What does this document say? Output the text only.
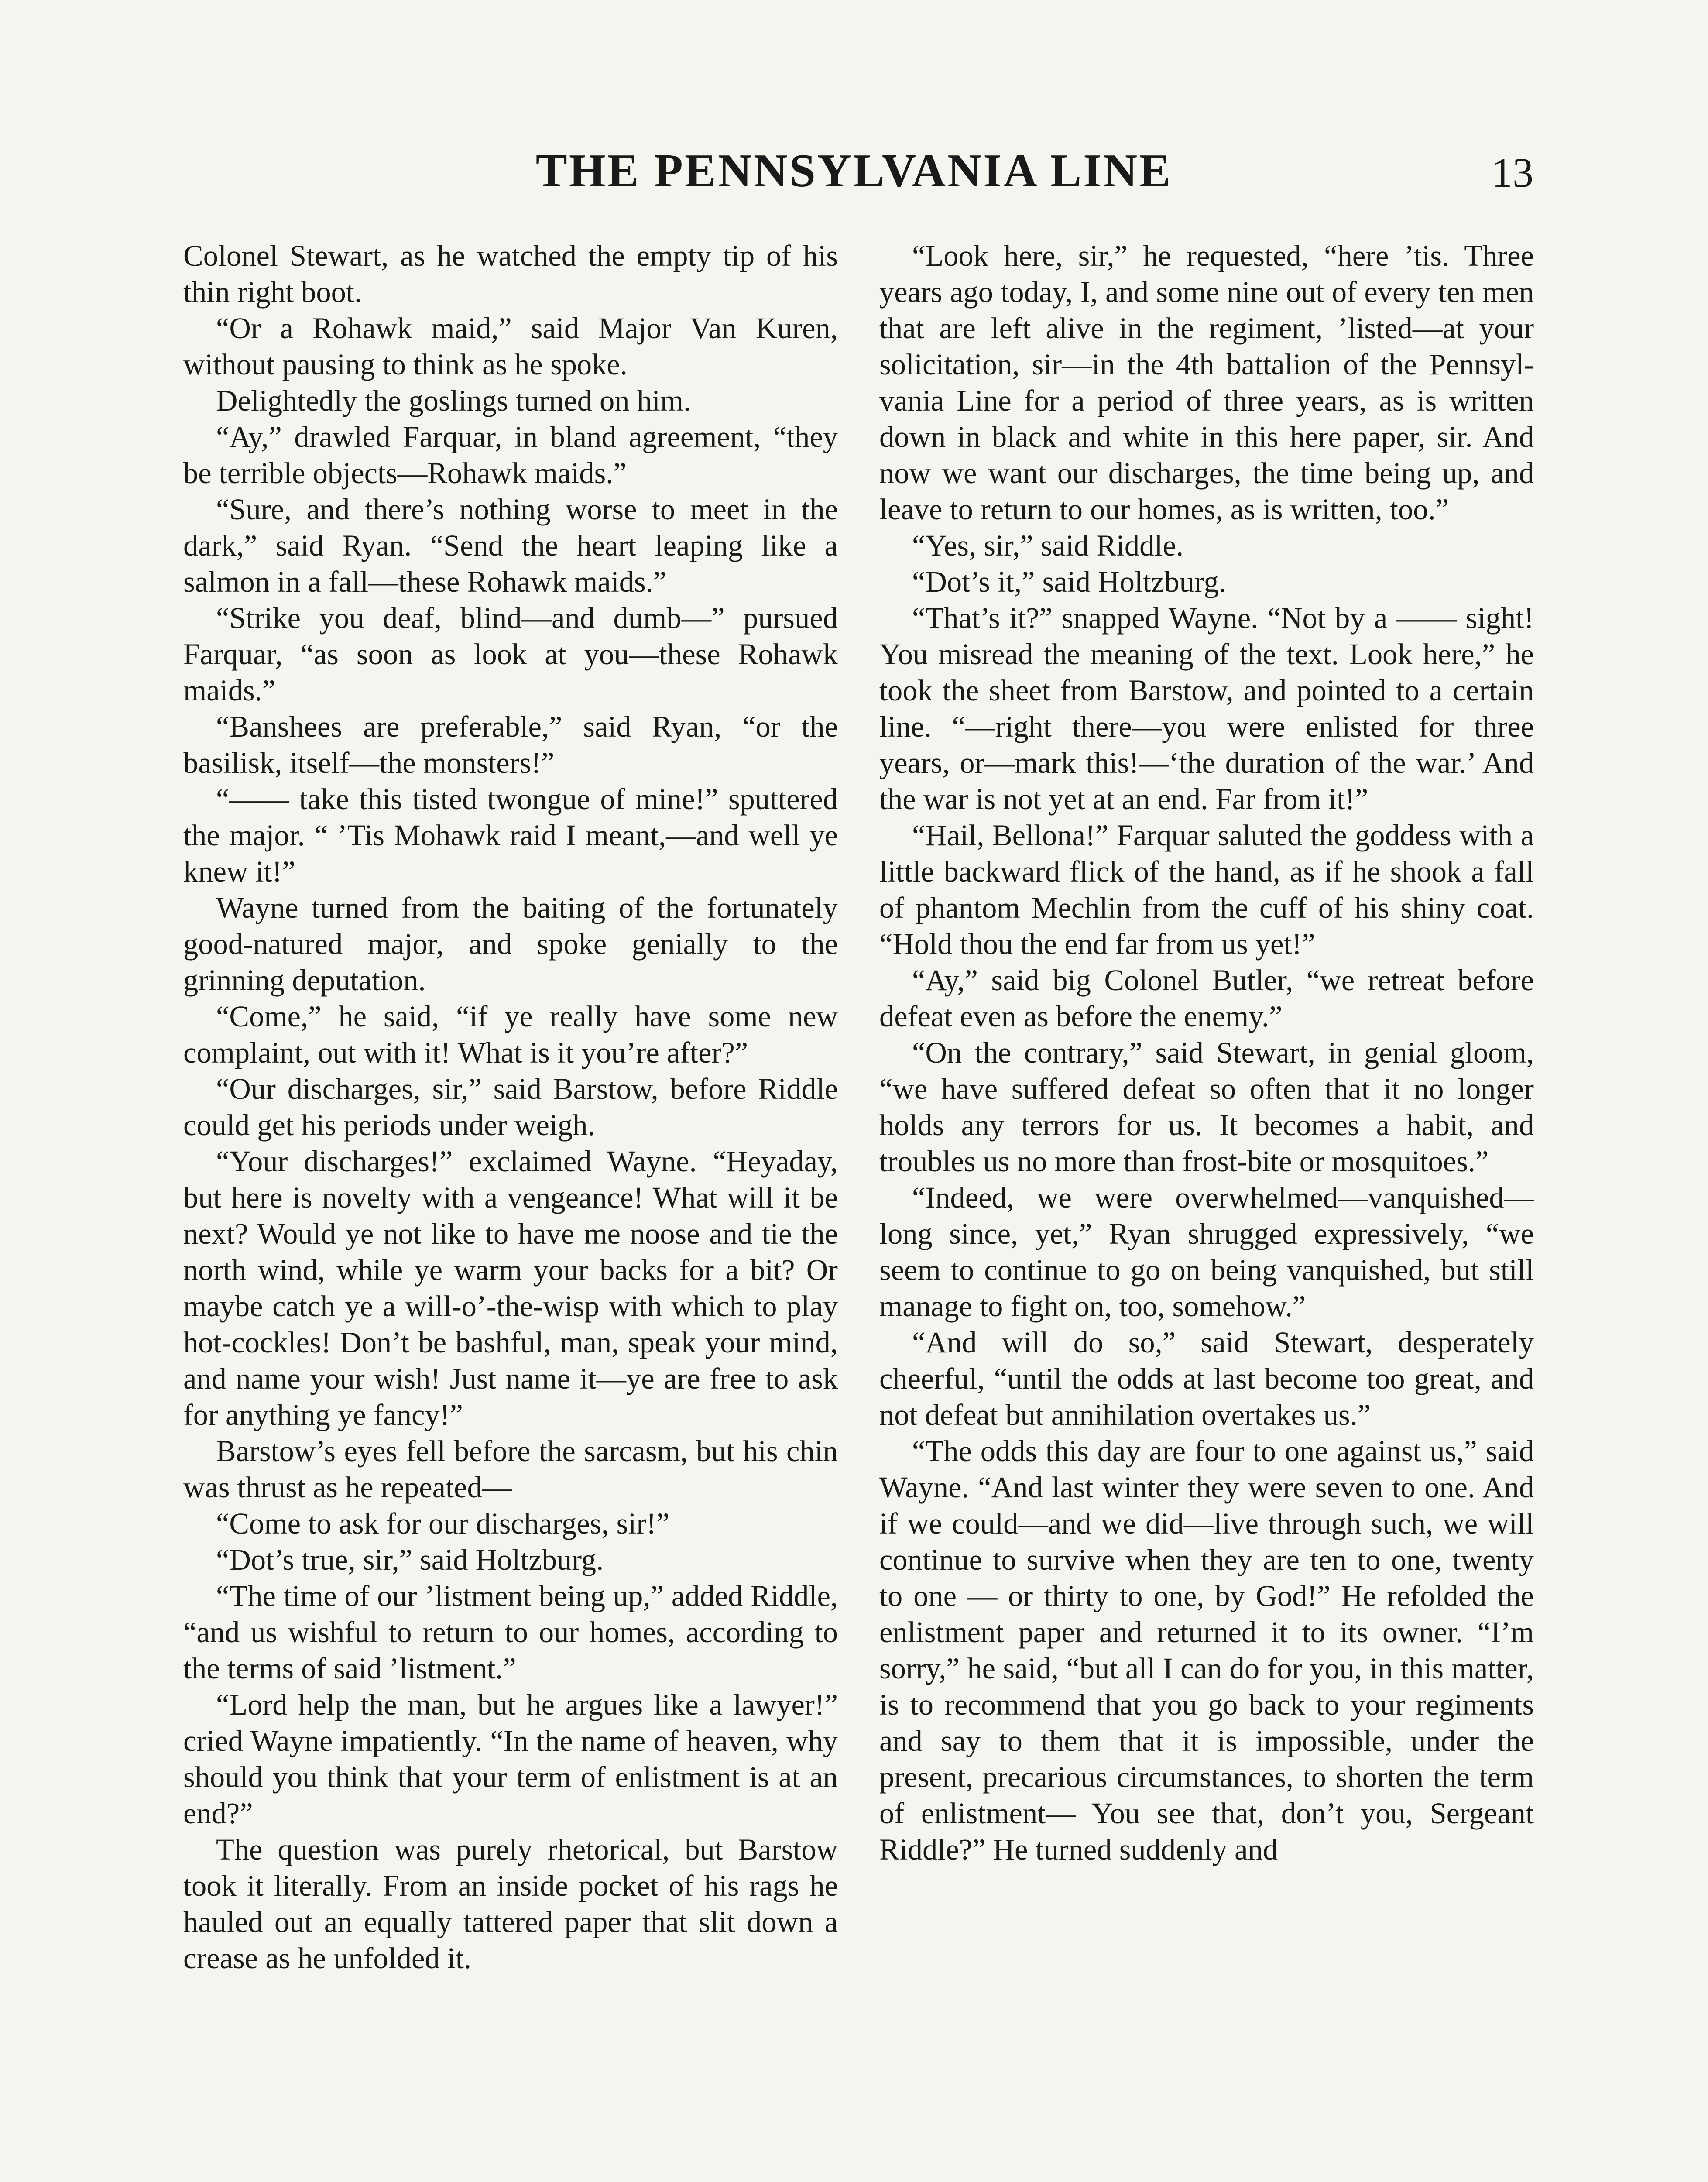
THE PENNSYLVANIA LINE	13

Colonel Stewart, as he watched the empty tip of his thin right boot.

“Or a Rohawk maid,” said Major Van Kuren, without pausing to think as he spoke.

Delightedly the goslings turned on him.

“Ay,” drawled Farquar, in bland agreement, “they be terrible objects—Rohawk maids.”

“Sure, and there’s nothing worse to meet in the dark,” said Ryan. “Send the heart leaping like a salmon in a fall—these Rohawk maids.”

“Strike you deaf, blind—and dumb—” pursued Farquar, “as soon as look at you—these Rohawk maids.”

“Banshees are preferable,” said Ryan, “or the basilisk, itself—the monsters!”

“—— take this tisted twongue of mine!” sputtered the major. “ ’Tis Mohawk raid I meant,—and well ye knew it!”

Wayne turned from the baiting of the fortunately good-natured major, and spoke genially to the grinning deputation.

“Come,” he said, “if ye really have some new complaint, out with it! What is it you’re after?”

“Our discharges, sir,” said Barstow, before Riddle could get his periods under weigh.

“Your discharges!” exclaimed Wayne. “Heyaday, but here is novelty with a vengeance! What will it be next? Would ye not like to have me noose and tie the north wind, while ye warm your backs for a bit? Or maybe catch ye a will-o’-the-wisp with which to play hot-cockles! Don’t be bashful, man, speak your mind, and name your wish! Just name it—ye are free to ask for anything ye fancy!”

Barstow’s eyes fell before the sarcasm, but his chin was thrust as he repeated—

“Come to ask for our discharges, sir!”

“Dot’s true, sir,” said Holtzburg.

“The time of our ’listment being up,” added Riddle, “and us wishful to return to our homes, according to the terms of said ’listment.”

“Lord help the man, but he argues like a lawyer!” cried Wayne impatiently. “In the name of heaven, why should you think that your term of enlistment is at an end?”

The question was purely rhetorical, but Barstow took it literally. From an inside pocket of his rags he hauled out an equally tattered paper that slit down a crease as he unfolded it.

“Look here, sir,” he requested, “here ’tis. Three years ago today, I, and some nine out of every ten men that are left alive in the regiment, ’listed—at your solicitation, sir—in the 4th battalion of the Pennsylvania Line for a period of three years, as is written down in black and white in this here paper, sir. And now we want our discharges, the time being up, and leave to return to our homes, as is written, too.”

“Yes, sir,” said Riddle.

“Dot’s it,” said Holtzburg.

“That’s it?” snapped Wayne. “Not by a —— sight! You misread the meaning of the text. Look here,” he took the sheet from Barstow, and pointed to a certain line. “—right there—you were enlisted for three years, or—mark this!—‘the duration of the war.’ And the war is not yet at an end. Far from it!”

“Hail, Bellona!” Farquar saluted the goddess with a little backward flick of the hand, as if he shook a fall of phantom Mechlin from the cuff of his shiny coat. “Hold thou the end far from us yet!”

“Ay,” said big Colonel Butler, “we retreat before defeat even as before the enemy.”

“On the contrary,” said Stewart, in genial gloom, “we have suffered defeat so often that it no longer holds any terrors for us. It becomes a habit, and troubles us no more than frost-bite or mosquitoes.”

“Indeed, we were overwhelmed—vanquished—long since, yet,” Ryan shrugged expressively, “we seem to continue to go on being vanquished, but still manage to fight on, too, somehow.”

“And will do so,” said Stewart, desperately cheerful, “until the odds at last become too great, and not defeat but annihilation overtakes us.”

“The odds this day are four to one against us,” said Wayne. “And last winter they were seven to one. And if we could—and we did—live through such, we will continue to survive when they are ten to one, twenty to one — or thirty to one, by God!” He refolded the enlistment paper and returned it to its owner. “I’m sorry,” he said, “but all I can do for you, in this matter, is to recommend that you go back to your regiments and say to them that it is impossible, under the present, precarious circumstances, to shorten the term of enlistment— You see that, don’t you, Sergeant Riddle?” He turned suddenly and
